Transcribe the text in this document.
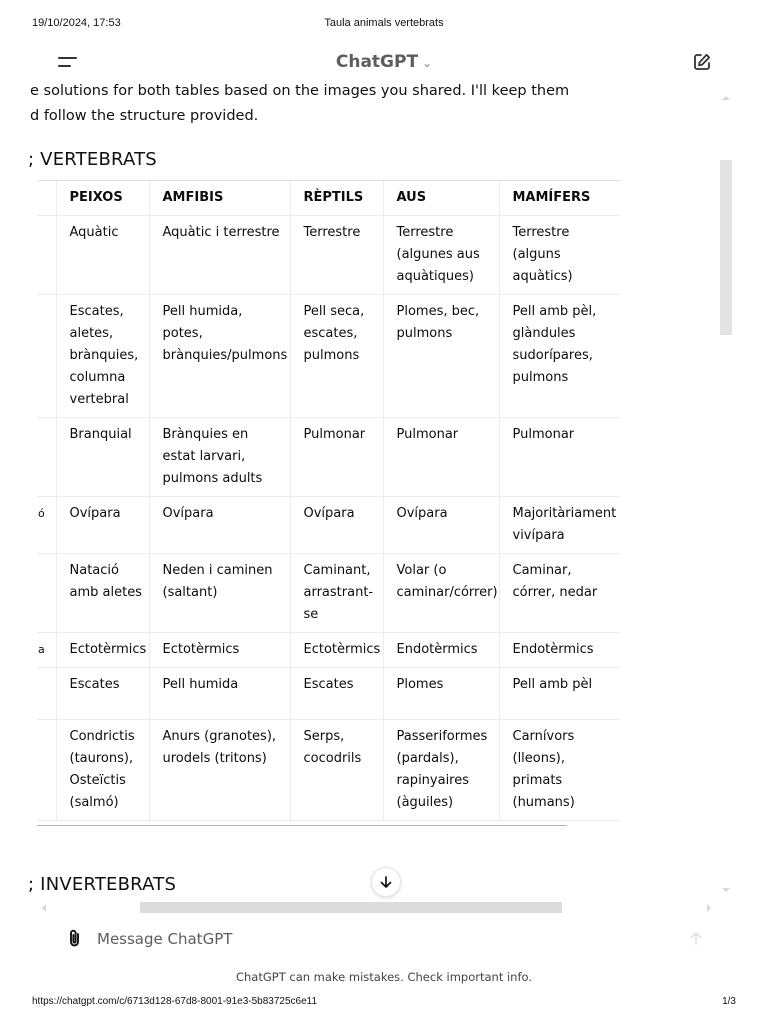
19/10/2024, 17:53	Taula animals vertebrats
ChatGPT ⌄
e solutions for both tables based on the images you shared. I'll keep them
d follow the structure provided.
; VERTEBRATS
	PEIXOS	AMFIBIS	RÈPTILS	AUS	MAMÍFERS
	Aquàtic	Aquàtic i terrestre	Terrestre	Terrestre (algunes aus aquàtiques)	Terrestre (alguns aquàtics)
	Escates, aletes, brànquies, columna vertebral	Pell humida, potes, brànquies/pulmons	Pell seca, escates, pulmons	Plomes, bec, pulmons	Pell amb pèl, glàndules sudorípares, pulmons
	Branquial	Brànquies en estat larvari, pulmons adults	Pulmonar	Pulmonar	Pulmonar
ó	Ovípara	Ovípara	Ovípara	Ovípara	Majoritàriament vivípara
	Natació amb aletes	Neden i caminen (saltant)	Caminant, arrastrant-se	Volar (o caminar/córrer)	Caminar, córrer, nedar
a	Ectotèrmics	Ectotèrmics	Ectotèrmics	Endotèrmics	Endotèrmics
	Escates	Pell humida	Escates	Plomes	Pell amb pèl
	Condrictis (taurons), Osteïctis (salmó)	Anurs (granotes), urodels (tritons)	Serps, cocodrils	Passeriformes (pardals), rapinyaires (àguiles)	Carnívors (lleons), primats (humans)
; INVERTEBRATS
Message ChatGPT
ChatGPT can make mistakes. Check important info.
https://chatgpt.com/c/6713d128-67d8-8001-91e3-5b83725c6e11	1/3
